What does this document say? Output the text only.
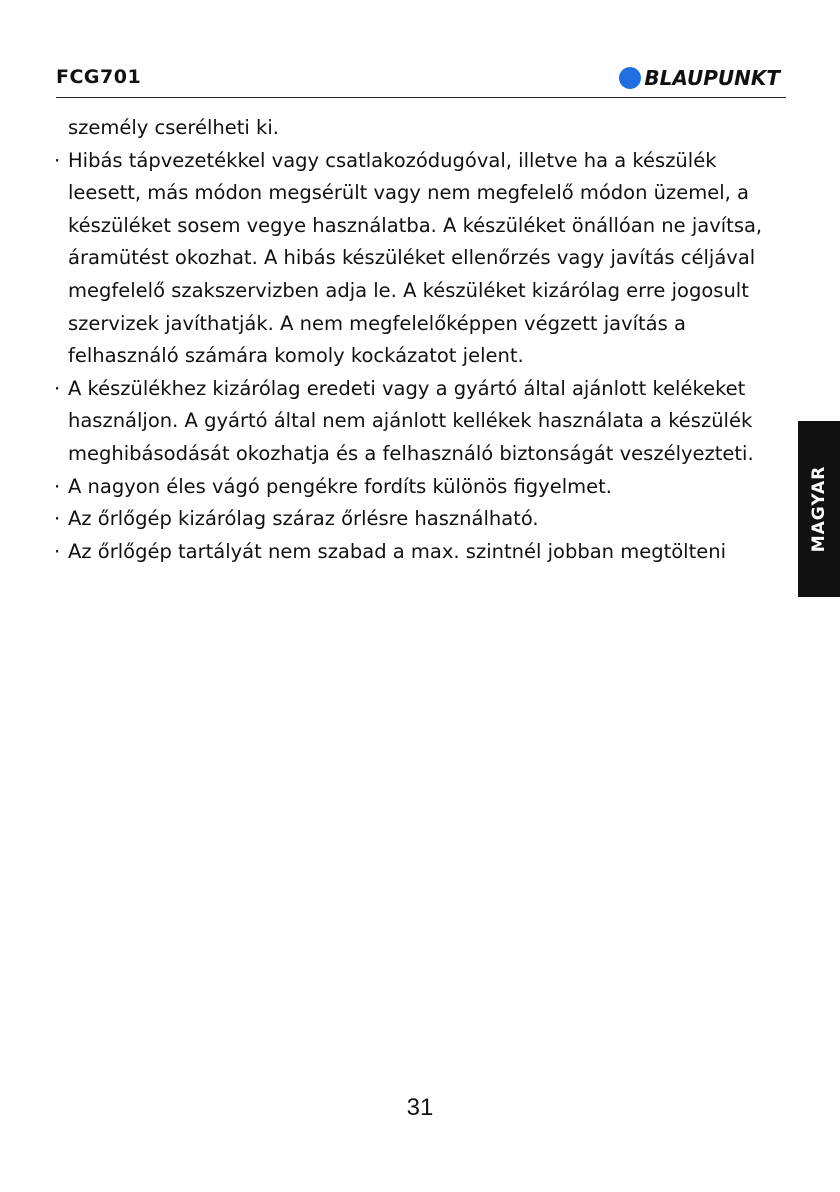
FCG701	BLAUPUNKT

személy cserélheti ki.

· Hibás tápvezetékkel vagy csatlakozódugóval, illetve ha a készülék leesett, más módon megsérült vagy nem megfelelő módon üzemel, a készüléket sosem vegye használatba. A készüléket önállóan ne javítsa, áramütést okozhat. A hibás készüléket ellenőrzés vagy javítás céljával megfelelő szakszervizben adja le. A készüléket kizárólag erre jogosult szervizek javíthatják. A nem megfelelőképpen végzett javítás a felhasználó számára komoly kockázatot jelent.

· A készülékhez kizárólag eredeti vagy a gyártó által ajánlott kelékeket használjon. A gyártó által nem ajánlott kellékek használata a készülék meghibásodását okozhatja és a felhasználó biztonságát veszélyezteti.

· A nagyon éles vágó pengékre fordíts különös figyelmet.

· Az őrlőgép kizárólag száraz őrlésre használható.

· Az őrlőgép tartályát nem szabad a max. szintnél jobban megtölteni	MAGYAR
31
